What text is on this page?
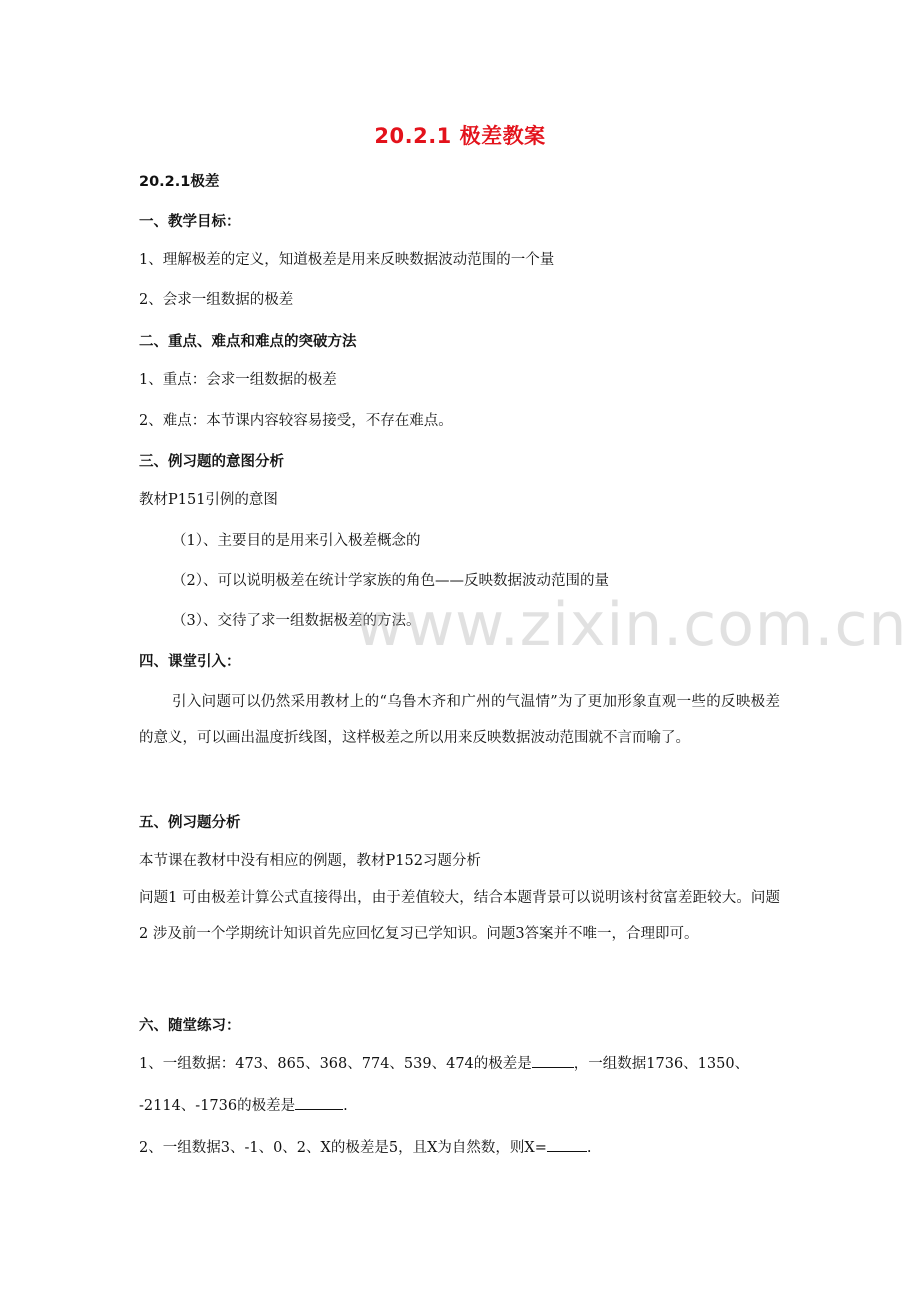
20.2.1 极差教案
20.2.1极差
一、教学目标：
1、理解极差的定义，知道极差是用来反映数据波动范围的一个量
2、会求一组数据的极差
二、重点、难点和难点的突破方法
1、重点：会求一组数据的极差
2、难点：本节课内容较容易接受，不存在难点。
三、例习题的意图分析
教材P151引例的意图
（1）、主要目的是用来引入极差概念的
（2）、可以说明极差在统计学家族的角色——反映数据波动范围的量
（3）、交待了求一组数据极差的方法。
四、课堂引入：
引入问题可以仍然采用教材上的“乌鲁木齐和广州的气温情”为了更加形象直观一些的反映极差的意义，可以画出温度折线图，这样极差之所以用来反映数据波动范围就不言而喻了。
五、例习题分析
本节课在教材中没有相应的例题，教材P152习题分析
问题1 可由极差计算公式直接得出，由于差值较大，结合本题背景可以说明该村贫富差距较大。问题2 涉及前一个学期统计知识首先应回忆复习已学知识。问题3答案并不唯一，合理即可。
六、随堂练习：
1、一组数据：473、865、368、774、539、474的极差是	，一组数据1736、1350、
-2114、-1736的极差是	.
2、一组数据3、-1、0、2、X的极差是5，且X为自然数，则X=	.
www.zixin.com.cn
